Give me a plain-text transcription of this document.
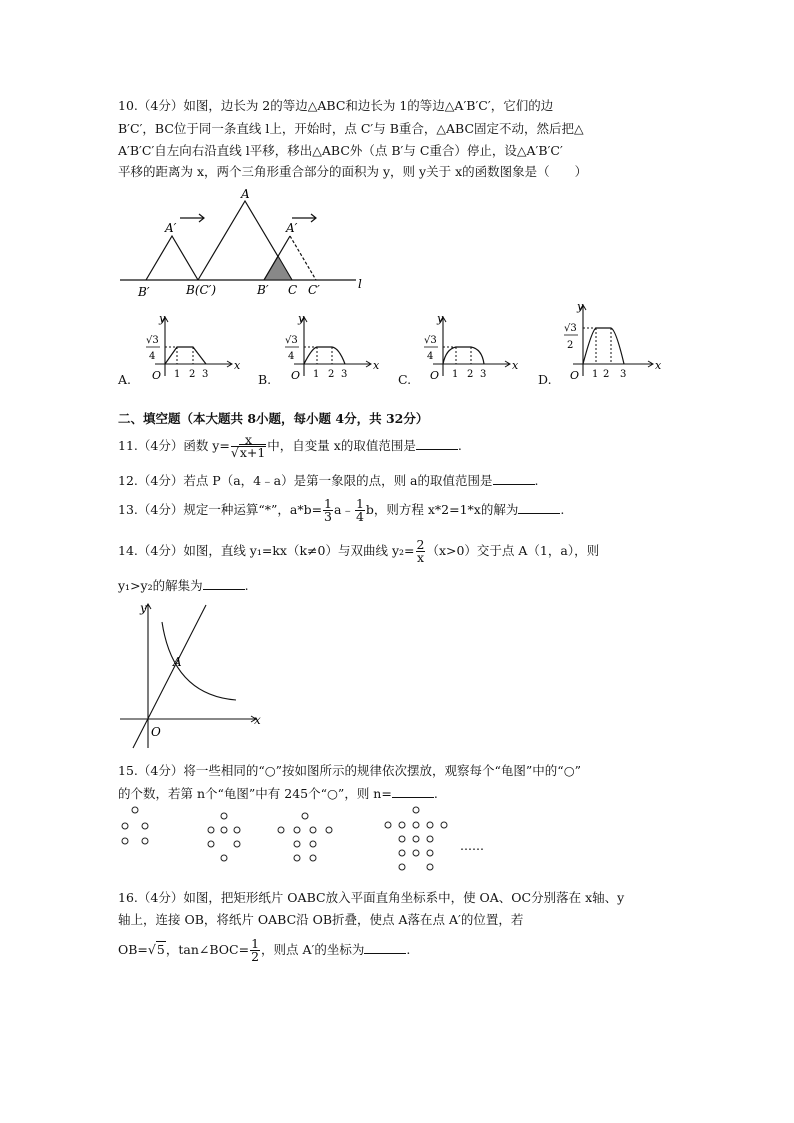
10.（4分）如图，边长为 2的等边△ABC和边长为 1的等边△A′B′C′，它们的边
B′C′，BC位于同一条直线 l上，开始时，点 C′与 B重合，△ABC固定不动，然后把△
A′B′C′自左向右沿直线 l平移，移出△ABC外（点 B′与 C重合）停止，设△A′B′C′
平移的距离为 x，两个三角形重合部分的面积为 y，则 y关于 x的函数图象是（　　）
A′
A
A′
B′	B(C′)	B′ C C′	l
A.
y
x
O
√3
4
1 2 3	B.
y
x
O
√3
4
1 2 3	C.
y
x
O
√3
4
1 2 3	D.
y
x
O
√3
2
1 2 3
二、填空题（本大题共 8小题，每小题 4分，共 32分）
11.（4分）函数 $y= \frac{x}{√x+1}$ 中，自变量 x的取值范围是	.
12.（4分）若点 P（a，4﹣a）是第一象限的点，则 a的取值范围是	.
13.（4分）规定一种运算“*”，$a*b= \frac{1}{3}$ a﹣ $\frac{1}{4}$ b，则方程 x*2=1*x的解为	.
14.（4分）如图，直线 y₁=kx（k≠0）与双曲线 $y_2= \frac{2}{x} (x>0)$交于点 A（1，a），则
y₁>y₂的解集为	.
y
x
O
A
15.（4分）将一些相同的“○”按如图所示的规律依次摆放，观察每个“龟图”中的“○”
的个数，若第 n个“龟图”中有 245个“○”，则 n=	.
……
16.（4分）如图，把矩形纸片 OABC放入平面直角坐标系中，使 OA、OC分别落在 x轴、y
轴上，连接 OB，将纸片 OABC沿 OB折叠，使点 A落在点 A′的位置，若
OB=√5，tan∠BOC= $\frac{1}{2}$ ，则点 A′的坐标为	.
